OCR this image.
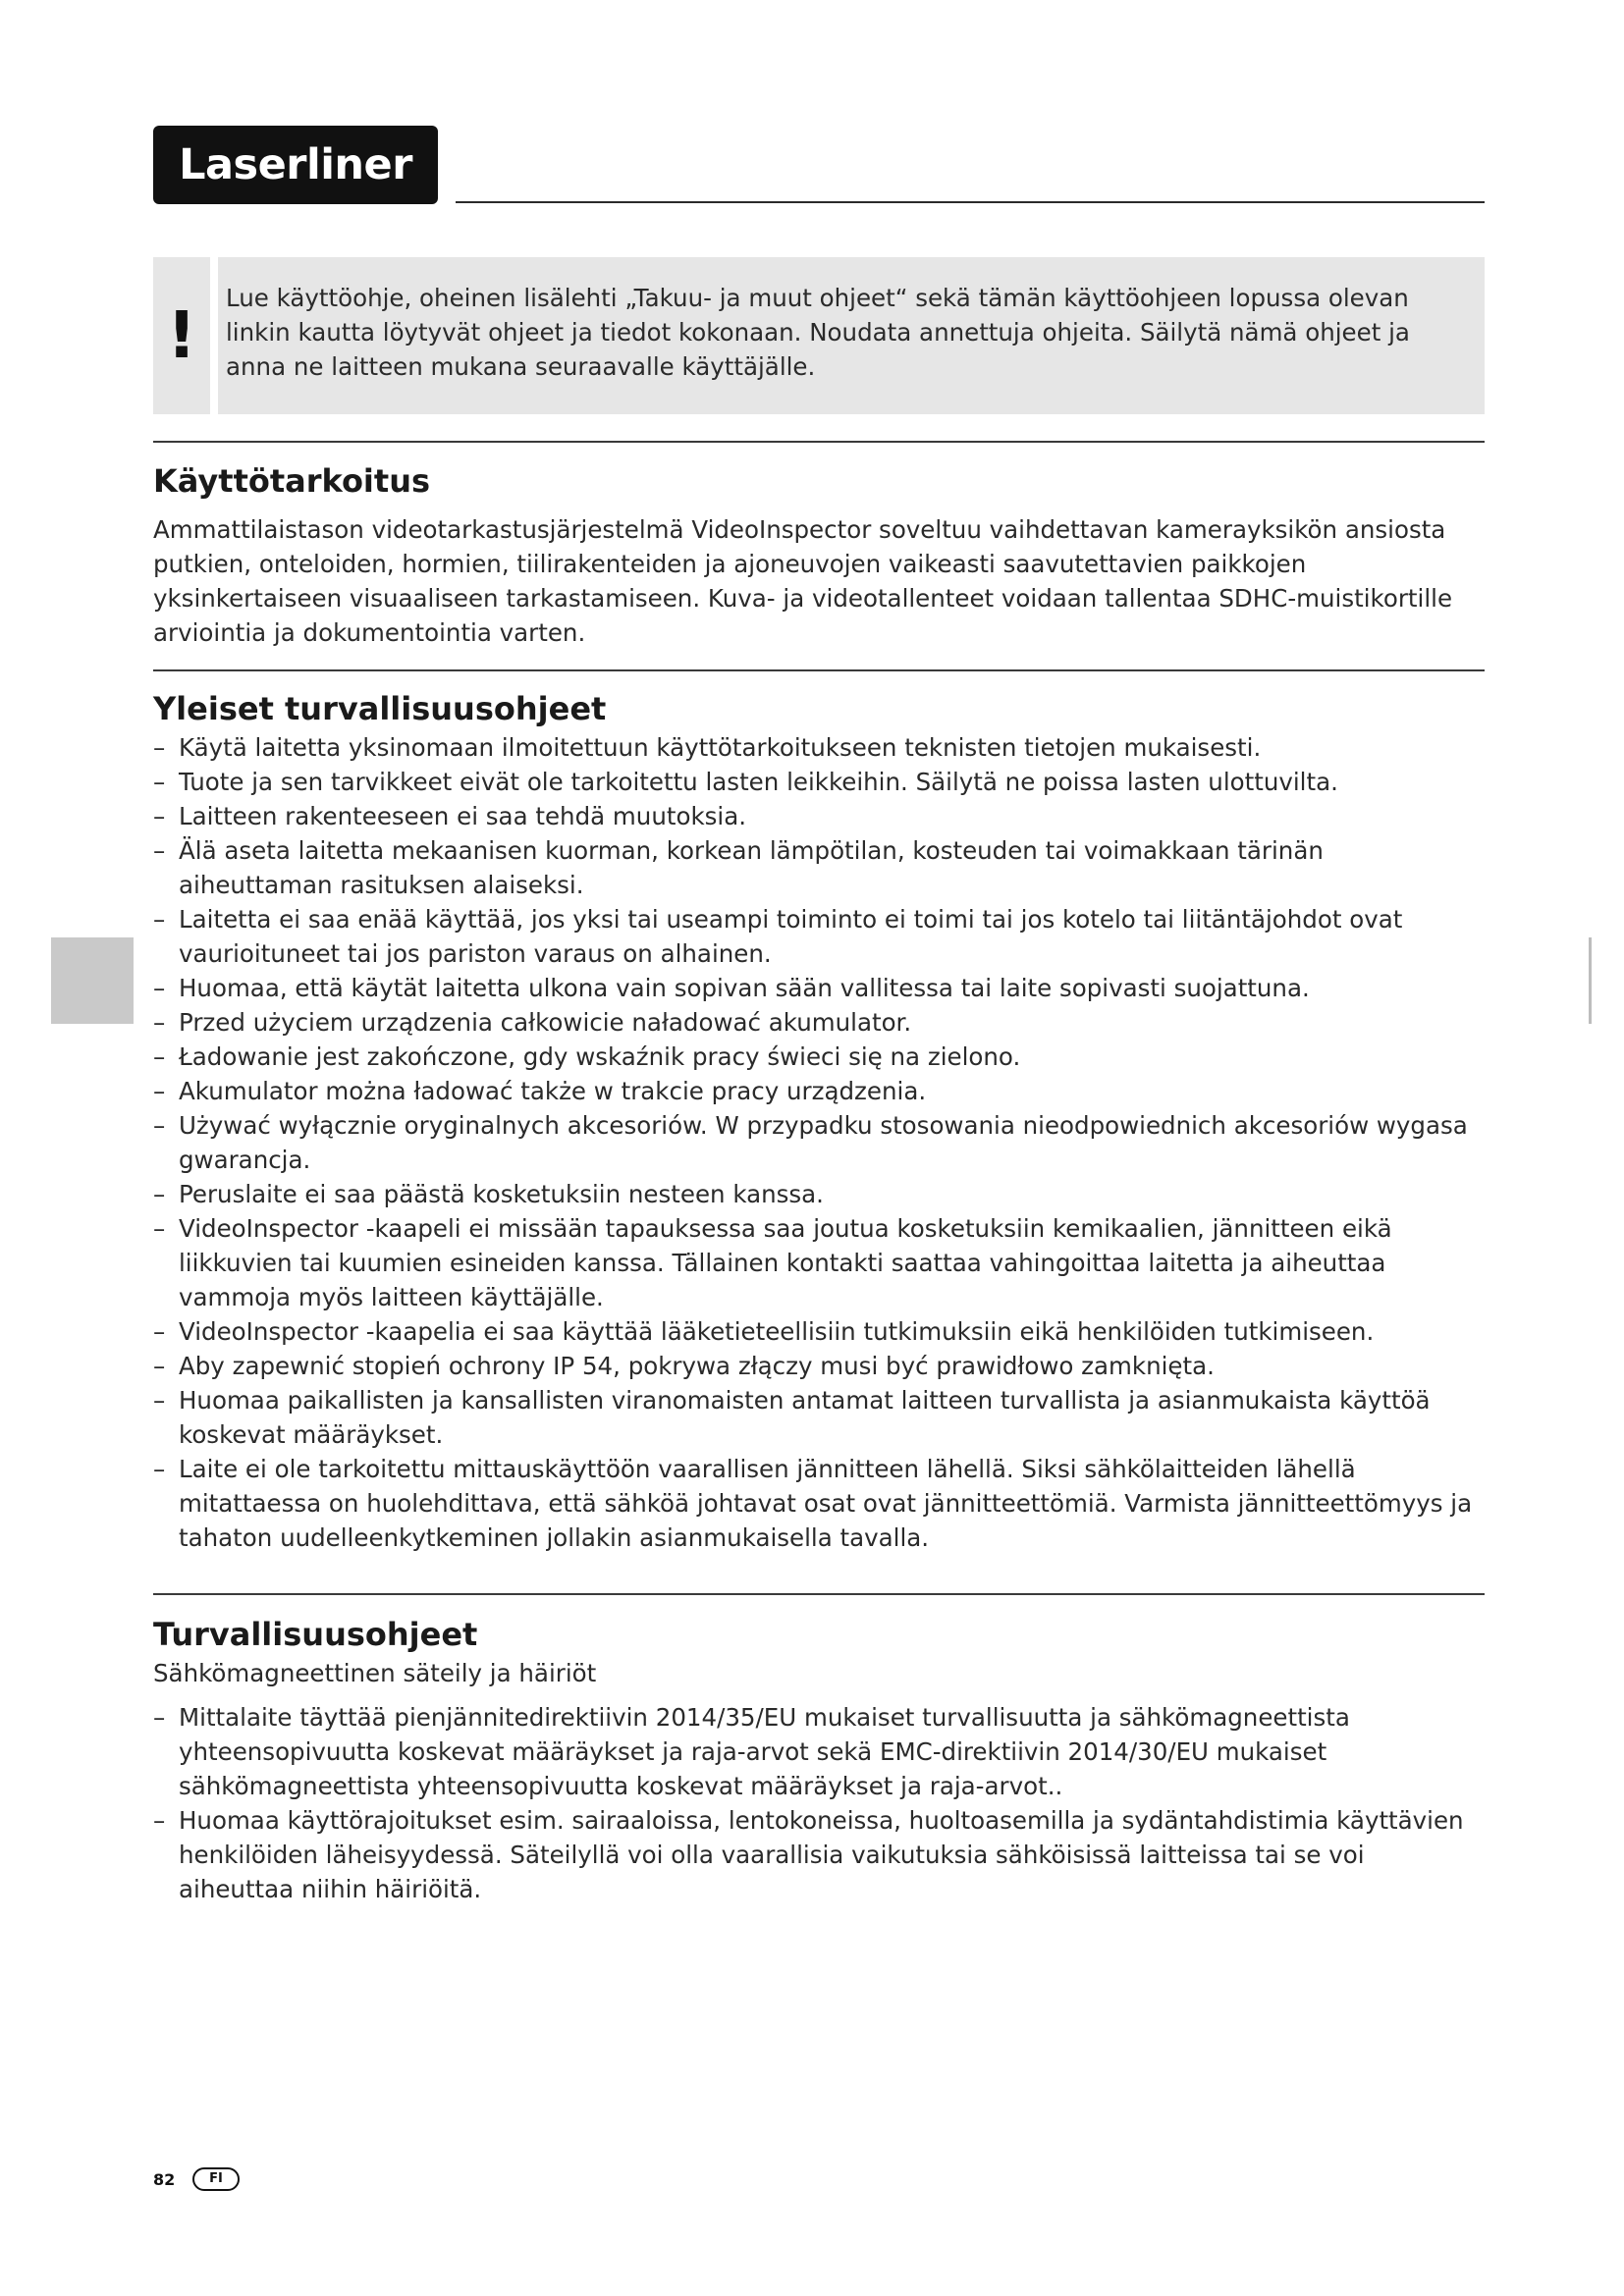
Laserliner
!	Lue käyttöohje, oheinen lisälehti „Takuu- ja muut ohjeet“ sekä tämän käyttöohjeen lopussa olevan linkin kautta löytyvät ohjeet ja tiedot kokonaan. Noudata annettuja ohjeita. Säilytä nämä ohjeet ja anna ne laitteen mukana seuraavalle käyttäjälle.
Käyttötarkoitus
Ammattilaistason videotarkastusjärjestelmä VideoInspector soveltuu vaihdettavan kamerayksikön ansiosta putkien, onteloiden, hormien, tiilirakenteiden ja ajoneuvojen vaikeasti saavutettavien paikkojen yksinkertaiseen visuaaliseen tarkastamiseen. Kuva- ja videotallenteet voidaan tallentaa SDHC-muistikortille arviointia ja dokumentointia varten.
Yleiset turvallisuusohjeet
– Käytä laitetta yksinomaan ilmoitettuun käyttötarkoitukseen teknisten tietojen mukaisesti.
– Tuote ja sen tarvikkeet eivät ole tarkoitettu lasten leikkeihin. Säilytä ne poissa lasten ulottuvilta.
– Laitteen rakenteeseen ei saa tehdä muutoksia.
– Älä aseta laitetta mekaanisen kuorman, korkean lämpötilan, kosteuden tai voimakkaan tärinän aiheuttaman rasituksen alaiseksi.
– Laitetta ei saa enää käyttää, jos yksi tai useampi toiminto ei toimi tai jos kotelo tai liitäntäjohdot ovat vaurioituneet tai jos pariston varaus on alhainen.
– Huomaa, että käytät laitetta ulkona vain sopivan sään vallitessa tai laite sopivasti suojattuna.
– Przed użyciem urządzenia całkowicie naładować akumulator.
– Ładowanie jest zakończone, gdy wskaźnik pracy świeci się na zielono.
– Akumulator można ładować także w trakcie pracy urządzenia.
– Używać wyłącznie oryginalnych akcesoriów. W przypadku stosowania nieodpowiednich akcesoriów wygasa gwarancja.
– Peruslaite ei saa päästä kosketuksiin nesteen kanssa.
– VideoInspector -kaapeli ei missään tapauksessa saa joutua kosketuksiin kemikaalien, jännitteen eikä liikkuvien tai kuumien esineiden kanssa. Tällainen kontakti saattaa vahingoittaa laitetta ja aiheuttaa vammoja myös laitteen käyttäjälle.
– VideoInspector -kaapelia ei saa käyttää lääketieteellisiin tutkimuksiin eikä henkilöiden tutkimiseen.
– Aby zapewnić stopień ochrony IP 54, pokrywa złączy musi być prawidłowo zamknięta.
– Huomaa paikallisten ja kansallisten viranomaisten antamat laitteen turvallista ja asianmukaista käyttöä koskevat määräykset.
– Laite ei ole tarkoitettu mittauskäyttöön vaarallisen jännitteen lähellä. Siksi sähkölaitteiden lähellä mitattaessa on huolehdittava, että sähköä johtavat osat ovat jännitteettömiä. Varmista jännitteettömyys ja tahaton uudelleenkytkeminen jollakin asianmukaisella tavalla.
Turvallisuusohjeet
Sähkömagneettinen säteily ja häiriöt
– Mittalaite täyttää pienjännitedirektiivin 2014/35/EU mukaiset turvallisuutta ja sähkömagneettista yhteensopivuutta koskevat määräykset ja raja-arvot sekä EMC-direktiivin 2014/30/EU mukaiset sähkömagneettista yhteensopivuutta koskevat määräykset ja raja-arvot..
– Huomaa käyttörajoitukset esim. sairaaloissa, lentokoneissa, huoltoasemilla ja sydäntahdistimia käyttävien henkilöiden läheisyydessä. Säteilyllä voi olla vaarallisia vaikutuksia sähköisissä laitteissa tai se voi aiheuttaa niihin häiriöitä.
82	FI
